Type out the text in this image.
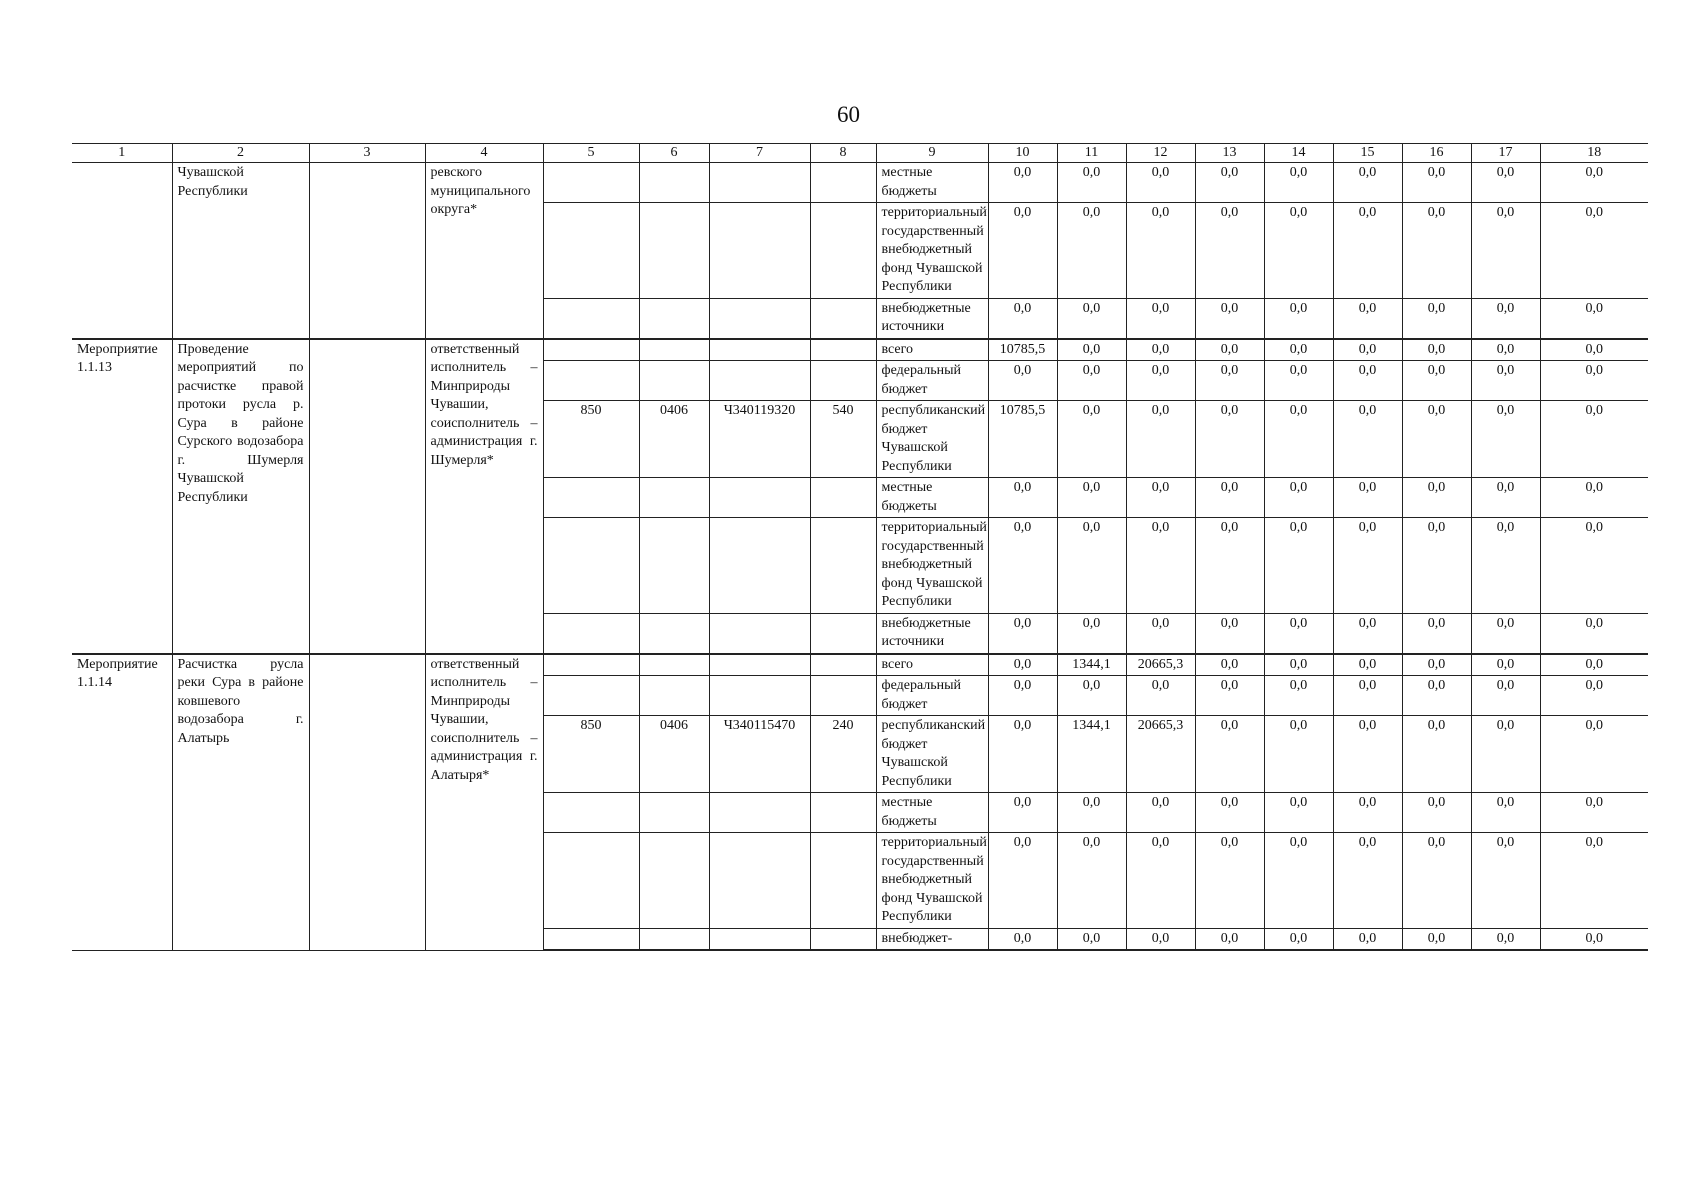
60
1	2	3	4	5	6	7	8	9	10	11	12	13	14	15	16	17	18
	Чувашской Республики		ревского муниципального округа*					местные бюджеты	0,0	0,0	0,0	0,0	0,0	0,0	0,0	0,0	0,0
								территориальный государственный внебюджетный фонд Чувашской Республики	0,0	0,0	0,0	0,0	0,0	0,0	0,0	0,0	0,0
								внебюджетные источники	0,0	0,0	0,0	0,0	0,0	0,0	0,0	0,0	0,0
Мероприятие 1.1.13	Проведение мероприятий по расчистке правой протоки русла р. Сура в районе Сурского водозабора г. Шумерля Чувашской Республики		ответственный исполнитель – Минприроды Чувашии, соисполнитель – администрация г. Шумерля*					всего	10785,5	0,0	0,0	0,0	0,0	0,0	0,0	0,0	0,0
								федеральный бюджет	0,0	0,0	0,0	0,0	0,0	0,0	0,0	0,0	0,0
				850	0406	Ч340119320	540	республиканский бюджет Чувашской Республики	10785,5	0,0	0,0	0,0	0,0	0,0	0,0	0,0	0,0
								местные бюджеты	0,0	0,0	0,0	0,0	0,0	0,0	0,0	0,0	0,0
								территориальный государственный внебюджетный фонд Чувашской Республики	0,0	0,0	0,0	0,0	0,0	0,0	0,0	0,0	0,0
								внебюджетные источники	0,0	0,0	0,0	0,0	0,0	0,0	0,0	0,0	0,0
Мероприятие 1.1.14	Расчистка русла реки Сура в районе ковшевого водозабора г. Алатырь		ответственный исполнитель – Минприроды Чувашии, соисполнитель – администрация г. Алатыря*					всего	0,0	1344,1	20665,3	0,0	0,0	0,0	0,0	0,0	0,0
								федеральный бюджет	0,0	0,0	0,0	0,0	0,0	0,0	0,0	0,0	0,0
				850	0406	Ч340115470	240	республиканский бюджет Чувашской Республики	0,0	1344,1	20665,3	0,0	0,0	0,0	0,0	0,0	0,0
								местные бюджеты	0,0	0,0	0,0	0,0	0,0	0,0	0,0	0,0	0,0
								территориальный государственный внебюджетный фонд Чувашской Республики	0,0	0,0	0,0	0,0	0,0	0,0	0,0	0,0	0,0
								внебюджет-	0,0	0,0	0,0	0,0	0,0	0,0	0,0	0,0	0,0
